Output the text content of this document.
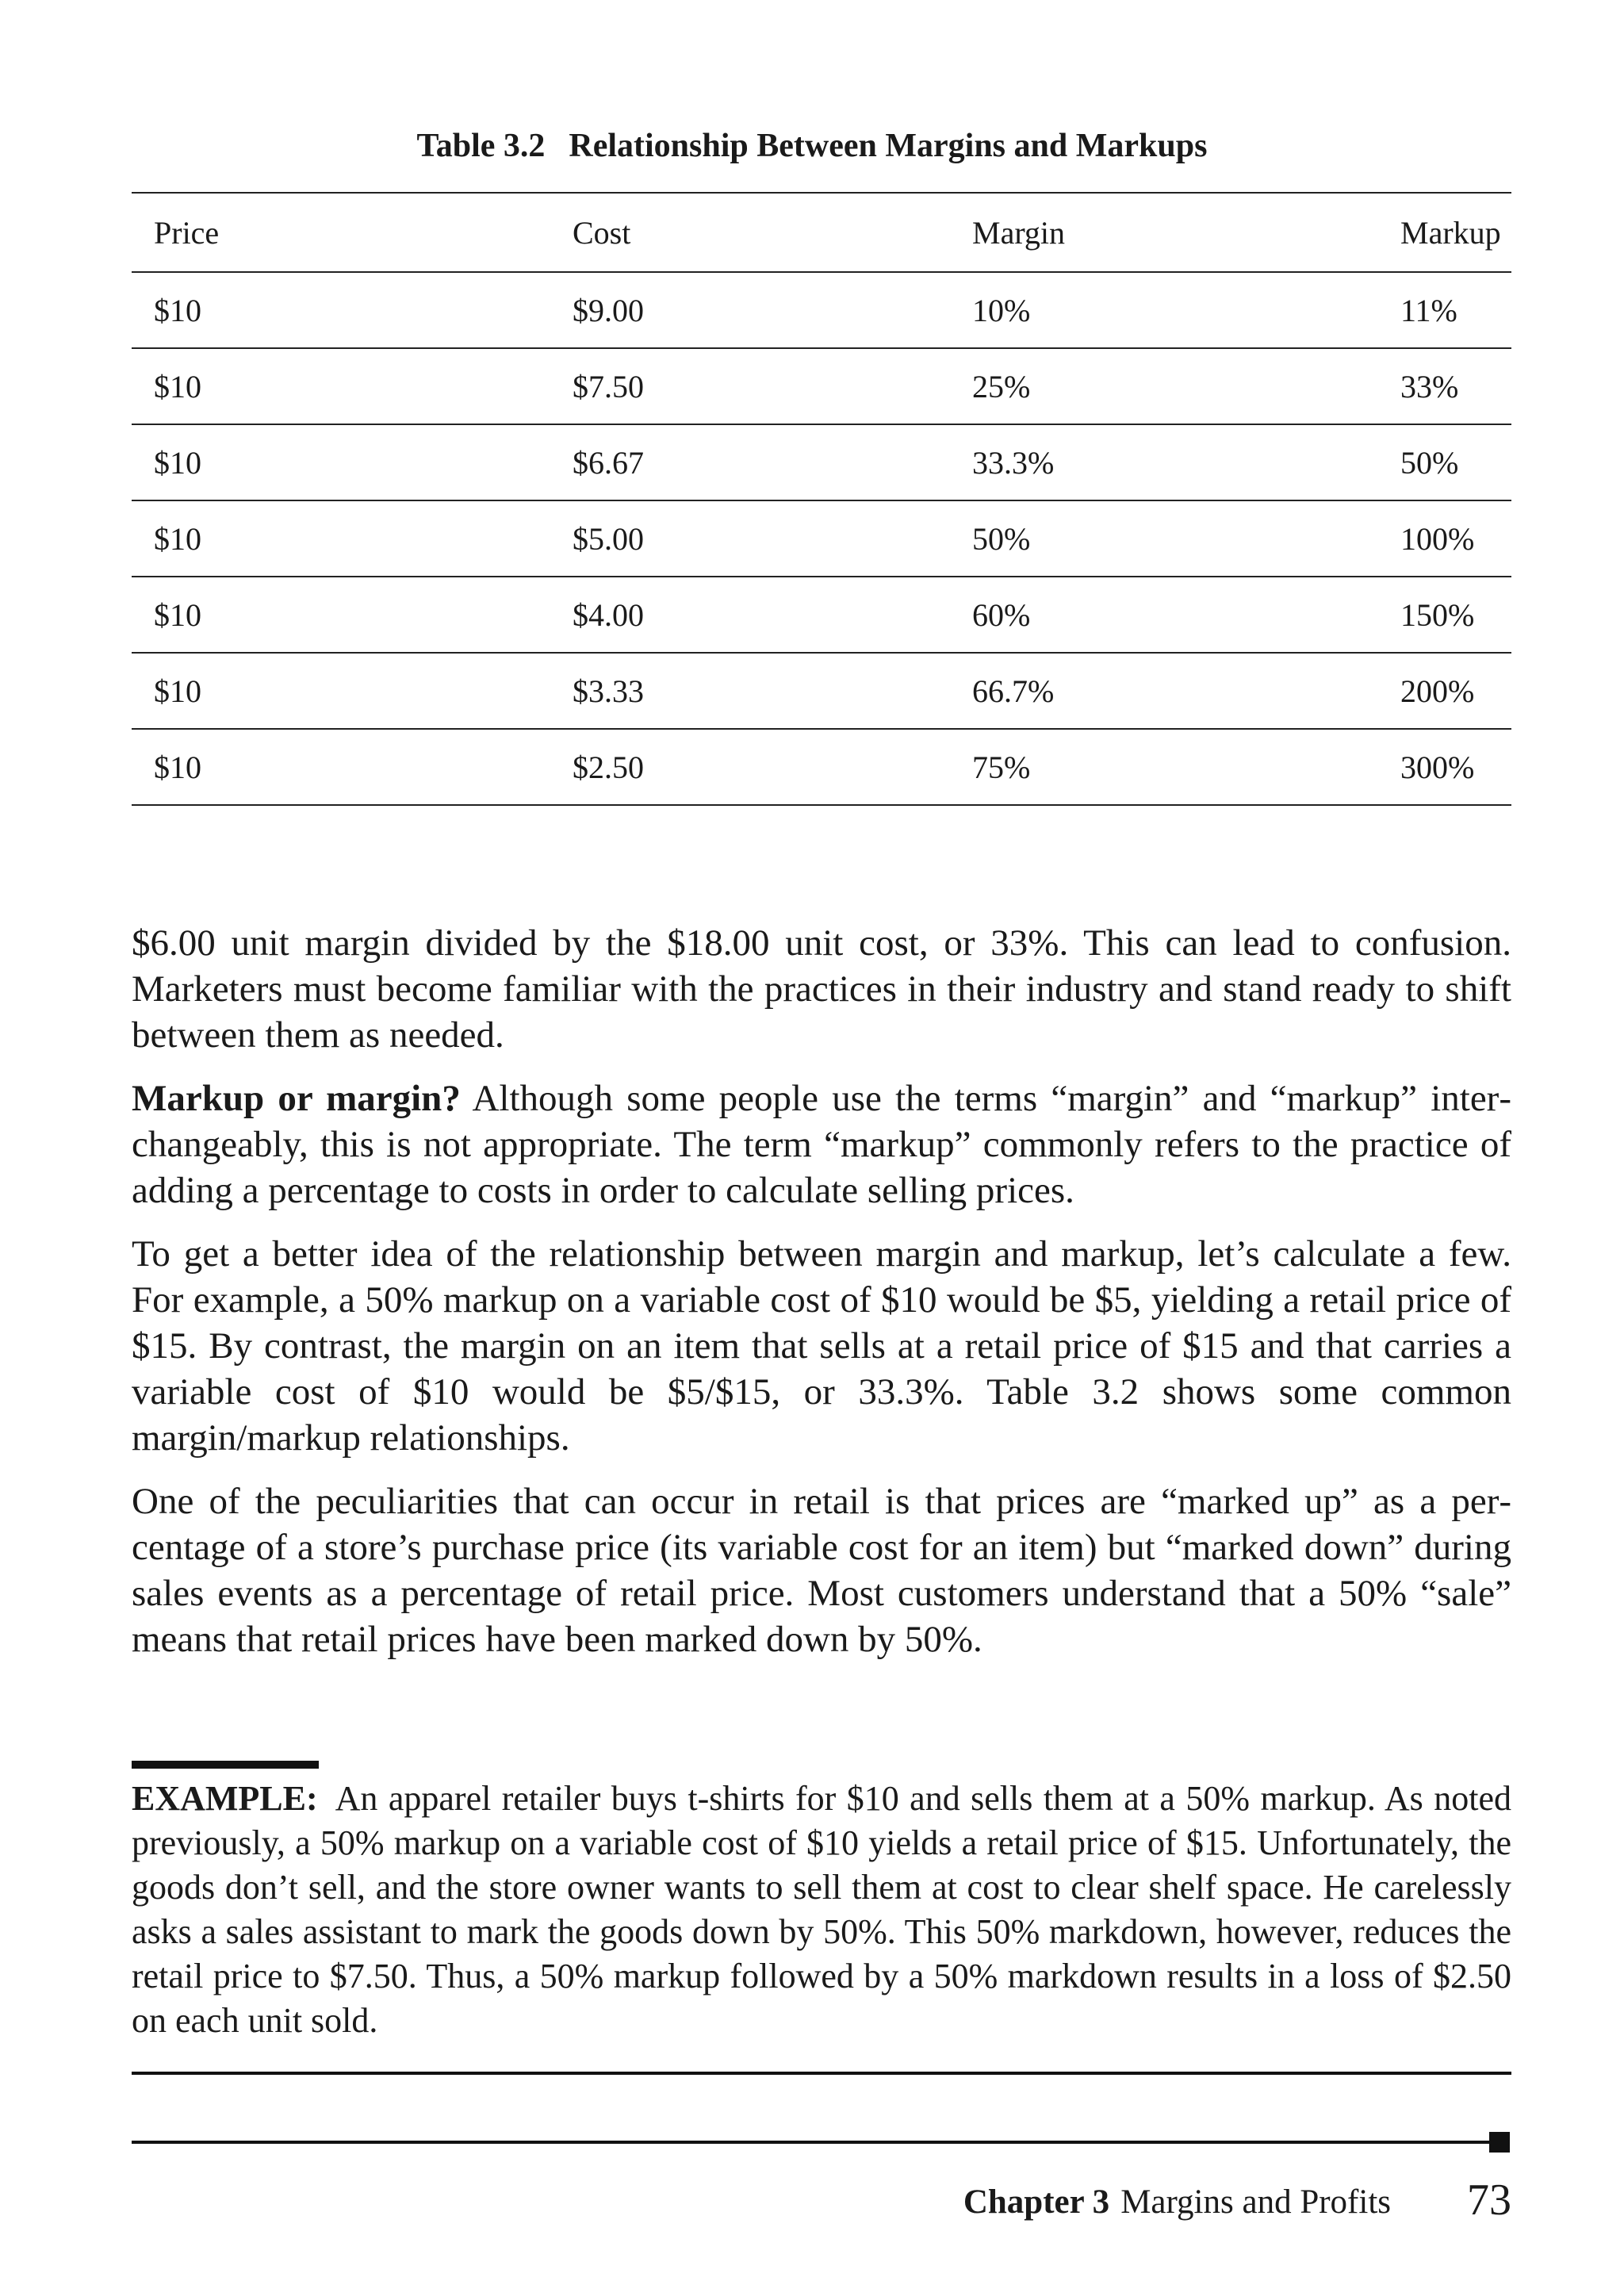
Table 3.2 Relationship Between Margins and Markups
Price	Cost	Margin	Markup
$10	$9.00	10%	11%
$10	$7.50	25%	33%
$10	$6.67	33.3%	50%
$10	$5.00	50%	100%
$10	$4.00	60%	150%
$10	$3.33	66.7%	200%
$10	$2.50	75%	300%

$6.00 unit margin divided by the $18.00 unit cost, or 33%. This can lead to confusion. Marketers must become familiar with the practices in their industry and stand ready to shift between them as needed.

Markup or margin? Although some people use the terms “margin” and “markup” interchangeably, this is not appropriate. The term “markup” commonly refers to the practice of adding a percentage to costs in order to calculate selling prices.

To get a better idea of the relationship between margin and markup, let’s calculate a few. For example, a 50% markup on a variable cost of $10 would be $5, yielding a retail price of $15. By contrast, the margin on an item that sells at a retail price of $15 and that carries a variable cost of $10 would be $5/$15, or 33.3%. Table 3.2 shows some common margin/markup relationships.

One of the peculiarities that can occur in retail is that prices are “marked up” as a percentage of a store’s purchase price (its variable cost for an item) but “marked down” during sales events as a percentage of retail price. Most customers understand that a 50% “sale” means that retail prices have been marked down by 50%.

EXAMPLE: An apparel retailer buys t-shirts for $10 and sells them at a 50% markup. As noted previously, a 50% markup on a variable cost of $10 yields a retail price of $15. Unfortunately, the goods don’t sell, and the store owner wants to sell them at cost to clear shelf space. He carelessly asks a sales assistant to mark the goods down by 50%. This 50% markdown, however, reduces the retail price to $7.50. Thus, a 50% markup followed by a 50% markdown results in a loss of $2.50 on each unit sold.
Chapter 3 Margins and Profits 73
